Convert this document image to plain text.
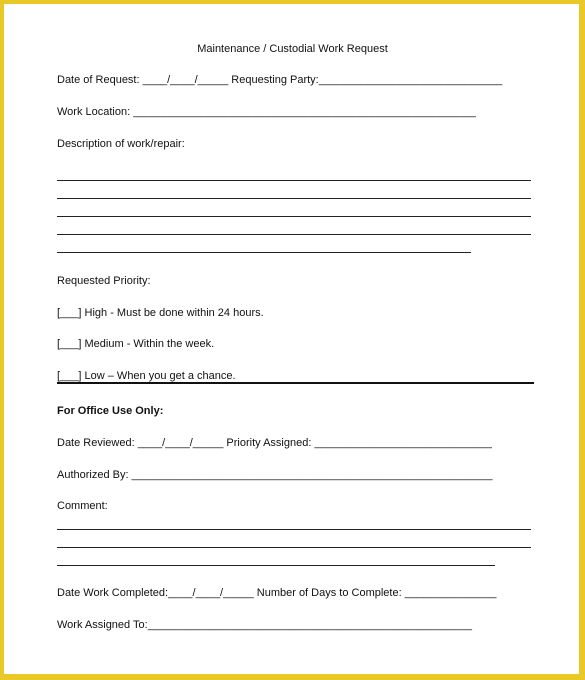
Maintenance / Custodial Work Request
Date of Request: ____/____/_____ Requesting Party:______________________________
Work Location: ________________________________________________________
Description of work/repair:
Requested Priority:
[___] High - Must be done within 24 hours.
[___] Medium - Within the week.
[___] Low – When you get a chance.
For Office Use Only:
Date Reviewed: ____/____/_____ Priority Assigned: _____________________________
Authorized By: ___________________________________________________________
Comment:
Date Work Completed:____/____/_____ Number of Days to Complete: _______________
Work Assigned To:_____________________________________________________
